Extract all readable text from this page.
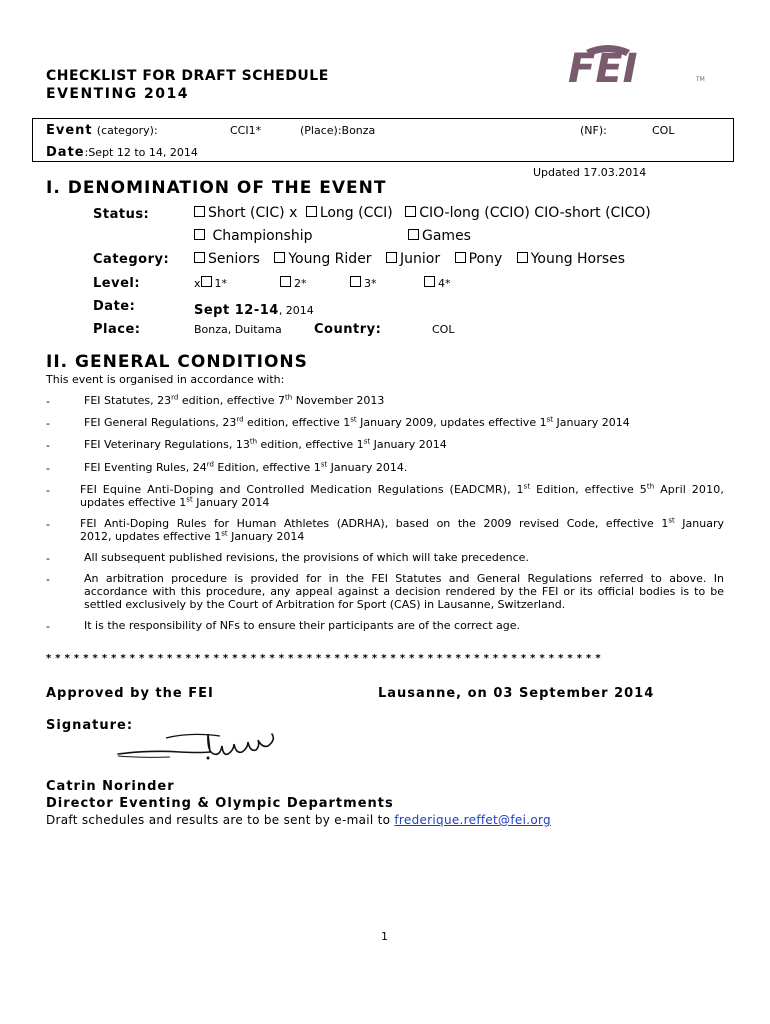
CHECKLIST FOR DRAFT SCHEDULE
EVENTING 2014
FEI	TM
Event (category):	CCI1*	(Place):Bonza	(NF):	COL
Date:Sept 12 to 14, 2014
Updated 17.03.2014
I. DENOMINATION OF THE EVENT
Status:	Short (CIC) x Long (CCI) CIO-long (CCIO) CIO-short (CICO)
Championship	Games
Category:	Seniors Young Rider Junior Pony Young Horses
Level:	x 1*	2*	3*	4*
Date:	Sept 12-14, 2014
Place:	Bonza, Duitama Country:	COL
II. GENERAL CONDITIONS
This event is organised in accordance with:
-	FEI Statutes, 23rd edition, effective 7th November 2013
-	FEI General Regulations, 23rd edition, effective 1st January 2009, updates effective 1st January 2014
-	FEI Veterinary Regulations, 13th edition, effective 1st January 2014
-	FEI Eventing Rules, 24rd Edition, effective 1st January 2014.
-	FEI Equine Anti-Doping and Controlled Medication Regulations (EADCMR), 1st Edition, effective 5th April 2010,
updates effective 1st January 2014
-	FEI Anti-Doping Rules for Human Athletes (ADRHA), based on the 2009 revised Code, effective 1st January
2012, updates effective 1st January 2014
-	All subsequent published revisions, the provisions of which will take precedence.
-	An arbitration procedure is provided for in the FEI Statutes and General Regulations referred to above. In
accordance with this procedure, any appeal against a decision rendered by the FEI or its official bodies is to be
settled exclusively by the Court of Arbitration for Sport (CAS) in Lausanne, Switzerland.
-	It is the responsibility of NFs to ensure their participants are of the correct age.
* * * * * * * * * * * * * * * * * * * * * * * * * * * * * * * * * * * * * * * * * * * * * * * * * * * * * * * * * * * *
Approved by the FEI	Lausanne, on 03 September 2014
Signature:
Catrin Norinder
Director Eventing & Olympic Departments
Draft schedules and results are to be sent by e-mail to frederique.reffet@fei.org
1
